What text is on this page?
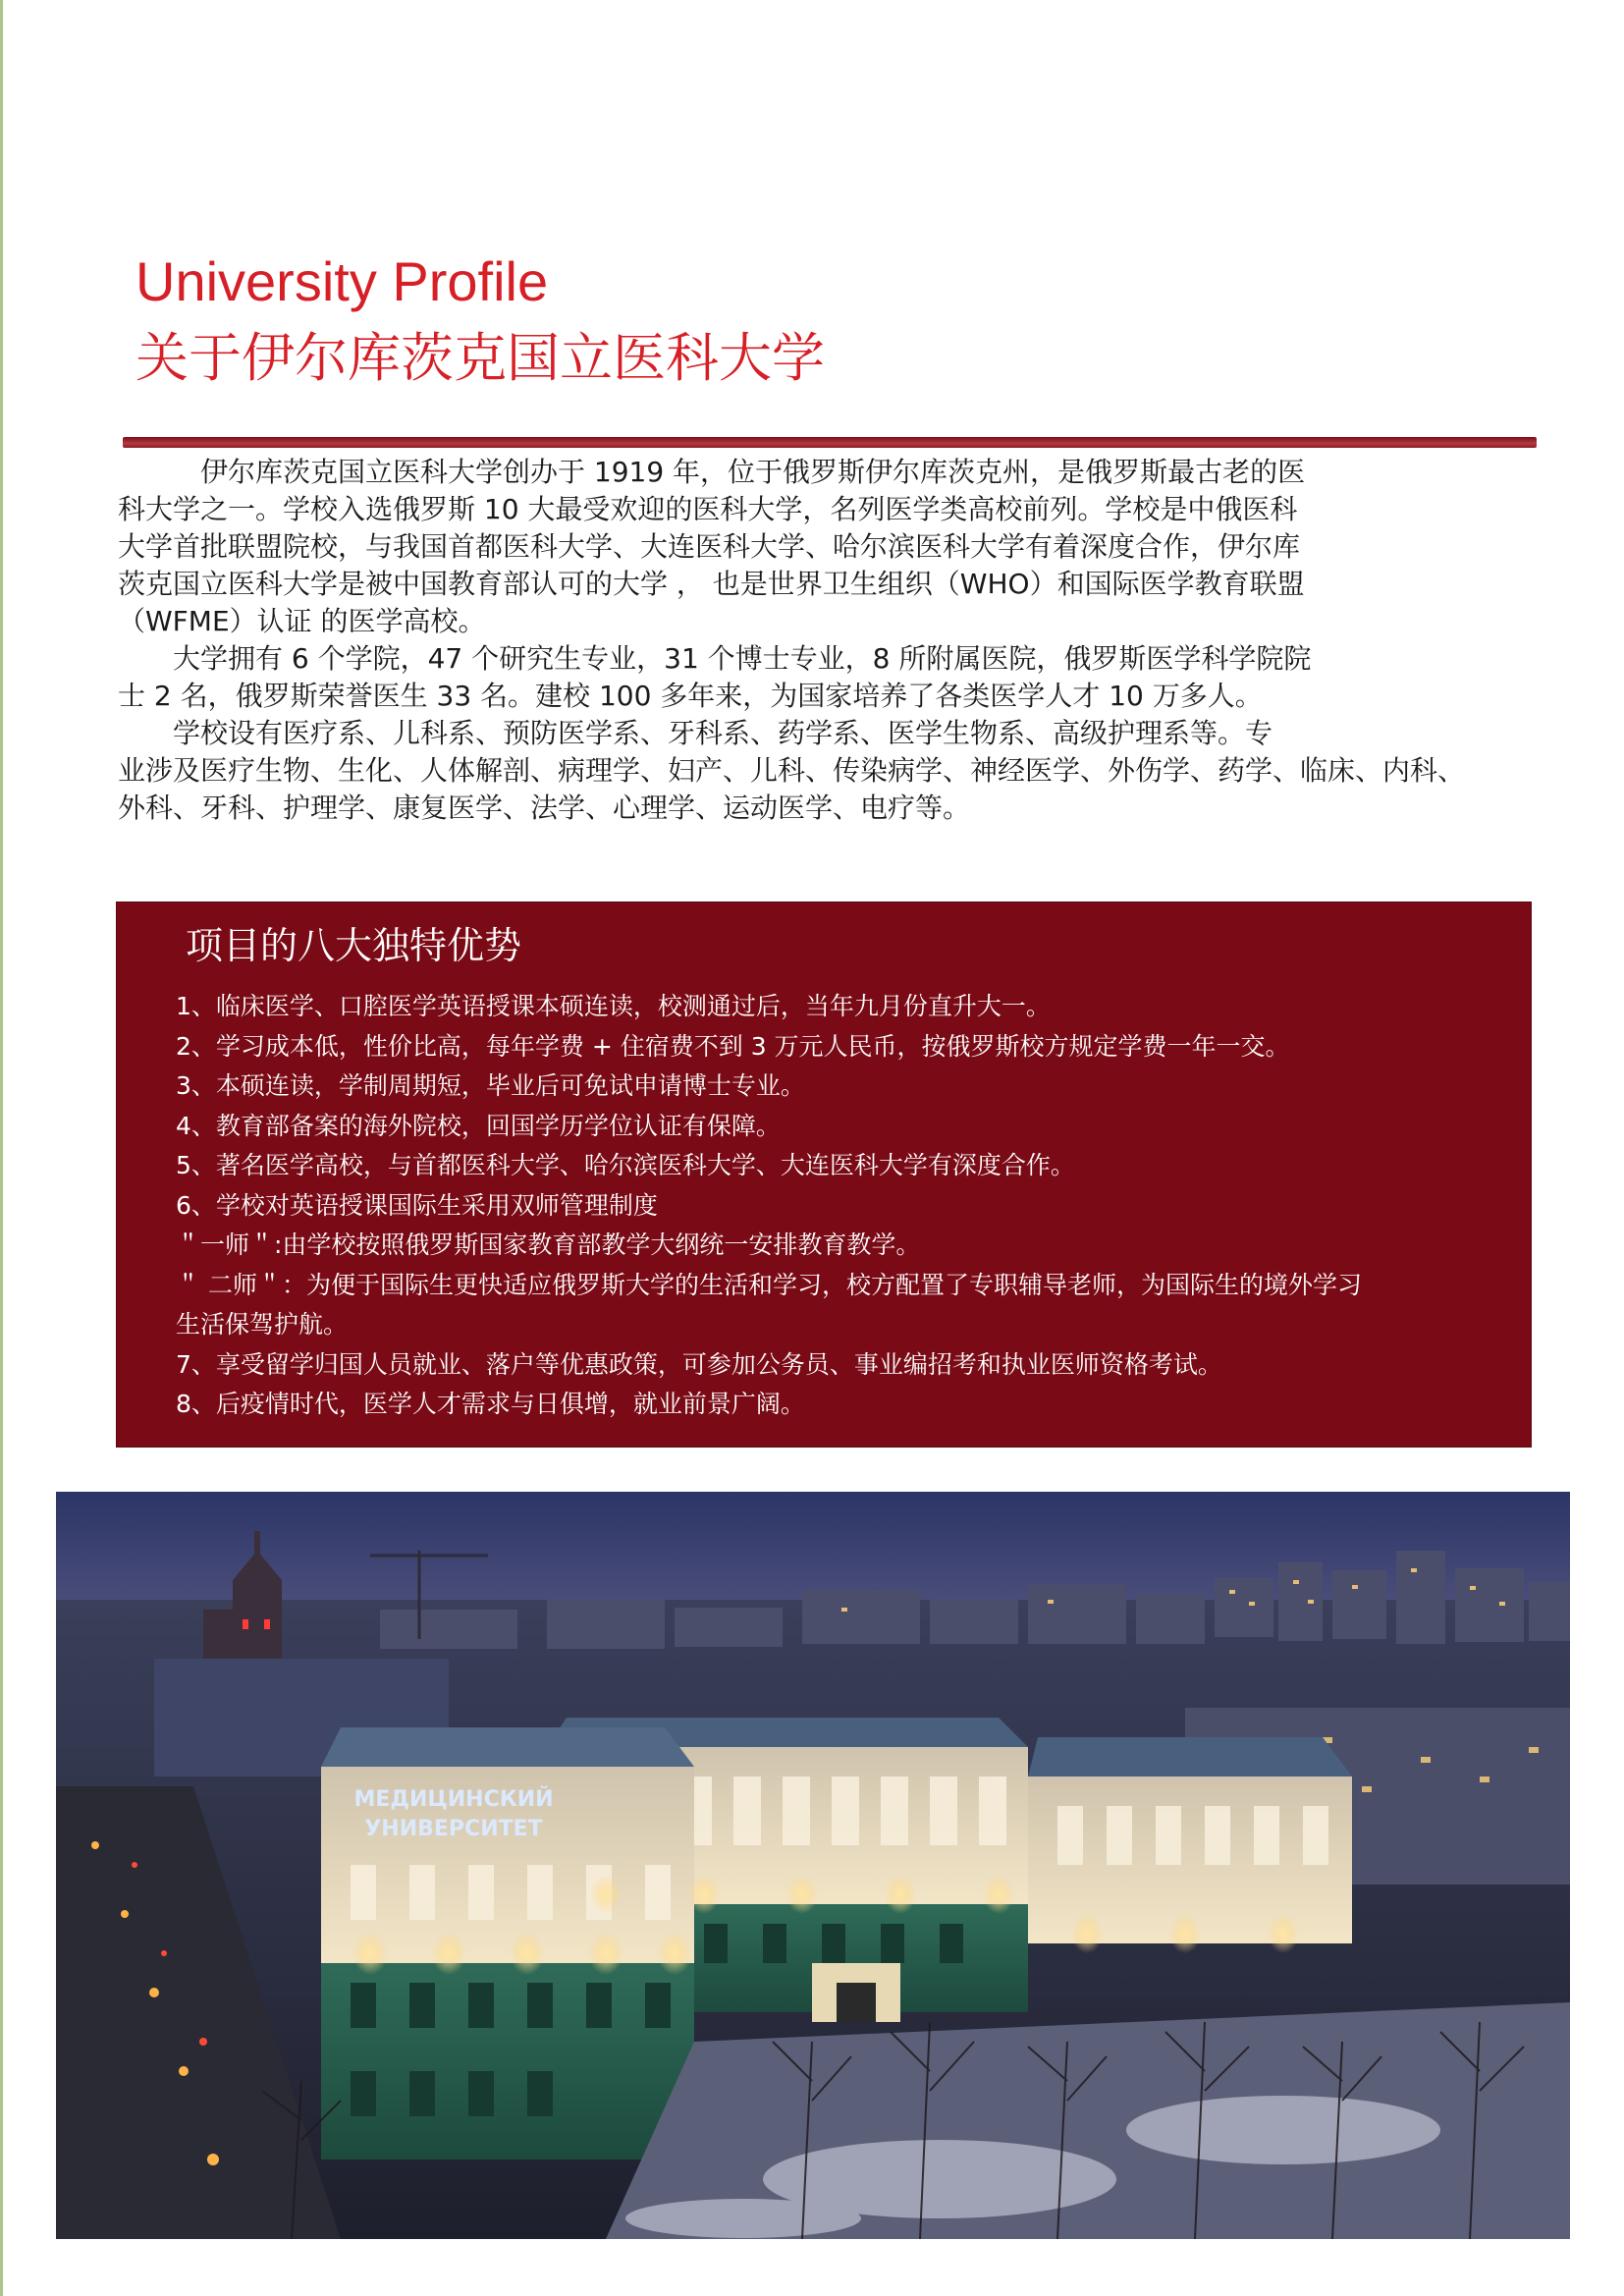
University Profile
关于伊尔库茨克国立医科大学

　　　伊尔库茨克国立医科大学创办于 1919 年，位于俄罗斯伊尔库茨克州，是俄罗斯最古老的医

科大学之一。学校入选俄罗斯 10 大最受欢迎的医科大学，名列医学类高校前列。学校是中俄医科

大学首批联盟院校，与我国首都医科大学、大连医科大学、哈尔滨医科大学有着深度合作，伊尔库

茨克国立医科大学是被中国教育部认可的大学 ， 也是世界卫生组织（WHO）和国际医学教育联盟

（WFME）认证 的医学高校。

　　大学拥有 6 个学院，47 个研究生专业，31 个博士专业，8 所附属医院，俄罗斯医学科学院院

士 2 名，俄罗斯荣誉医生 33 名。建校 100 多年来，为国家培养了各类医学人才 10 万多人。

　　学校设有医疗系、儿科系、预防医学系、牙科系、药学系、医学生物系、高级护理系等。专

业涉及医疗生物、生化、人体解剖、病理学、妇产、儿科、传染病学、神经医学、外伤学、药学、临床、内科、

外科、牙科、护理学、康复医学、法学、心理学、运动医学、电疗等。

项目的八大独特优势
1、临床医学、口腔医学英语授课本硕连读，校测通过后，当年九月份直升大一。
2、学习成本低，性价比高，每年学费 + 住宿费不到 3 万元人民币，按俄罗斯校方规定学费一年一交。
3、本硕连读，学制周期短，毕业后可免试申请博士专业。
4、教育部备案的海外院校，回国学历学位认证有保障。
5、著名医学高校，与首都医科大学、哈尔滨医科大学、大连医科大学有深度合作。
6、学校对英语授课国际生采用双师管理制度
＂一师＂:由学校按照俄罗斯国家教育部教学大纲统一安排教育教学。
＂ 二师＂：为便于国际生更快适应俄罗斯大学的生活和学习，校方配置了专职辅导老师，为国际生的境外学习
生活保驾护航。
7、享受留学归国人员就业、落户等优惠政策，可参加公务员、事业编招考和执业医师资格考试。
8、后疫情时代，医学人才需求与日俱增，就业前景广阔。
МЕДИЦИНСКИЙ
УНИВЕРСИТЕТ
